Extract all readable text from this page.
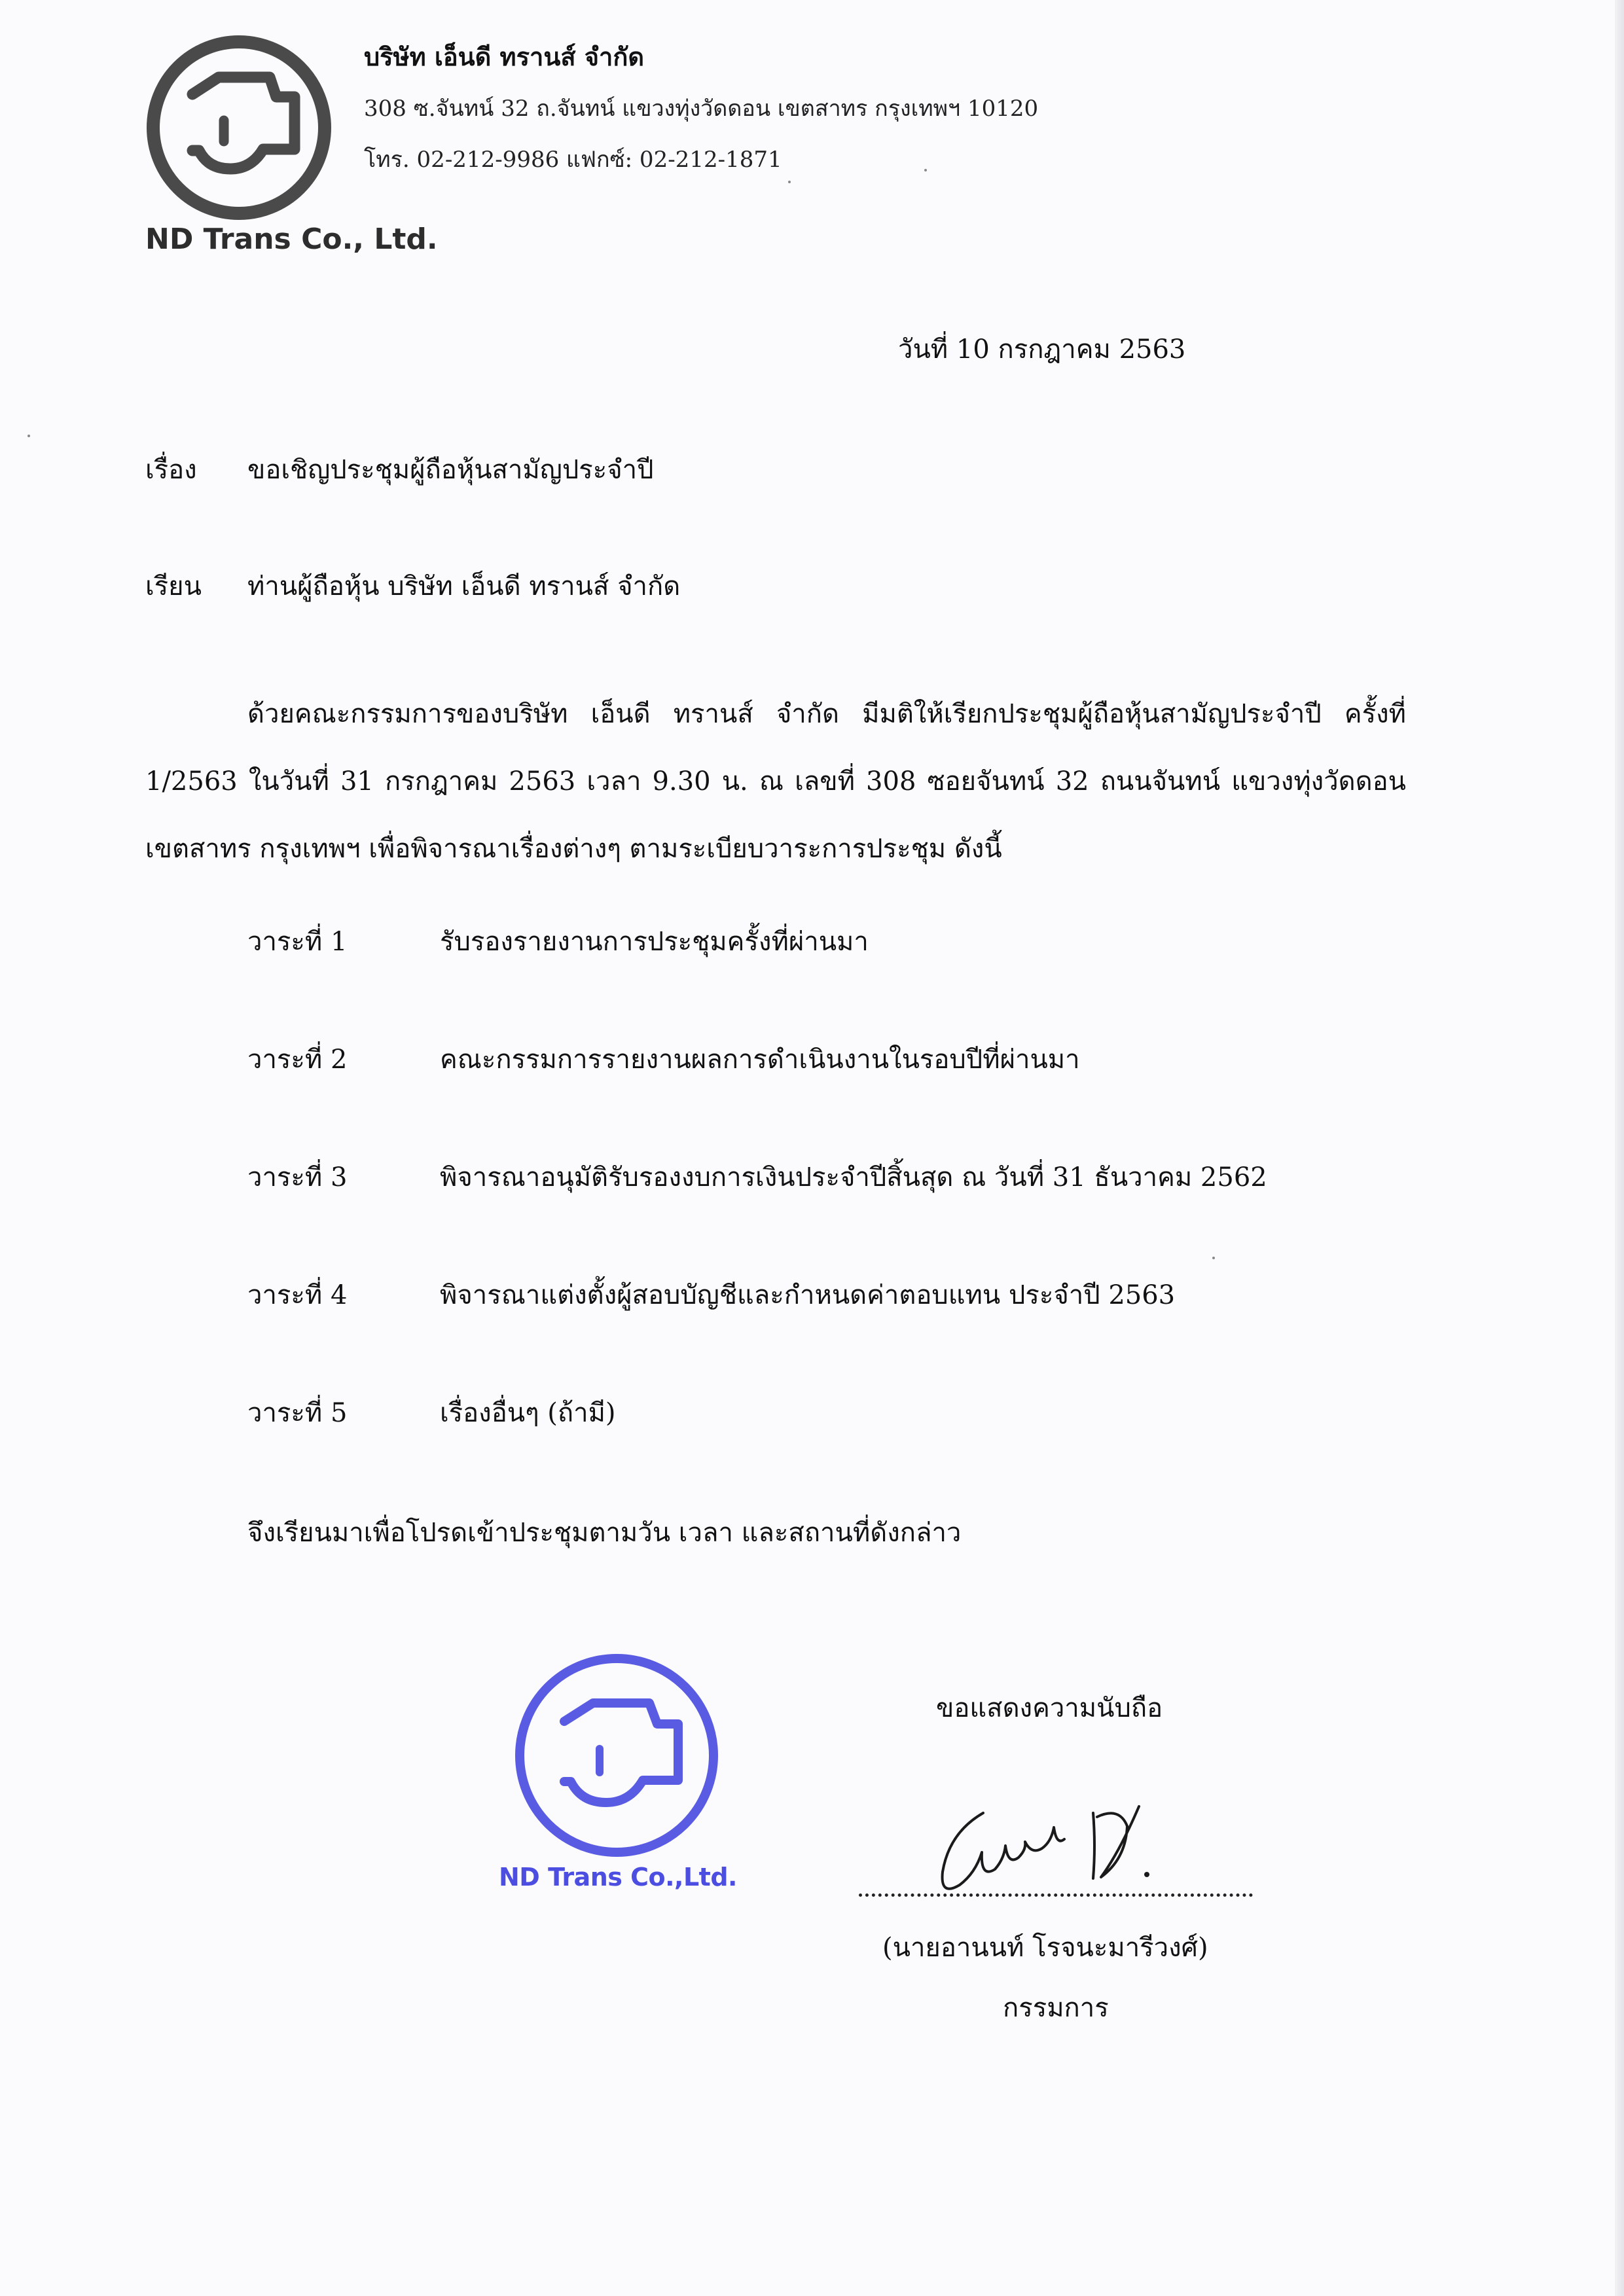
ND Trans Co., Ltd.
บริษัท เอ็นดี ทรานส์ จำกัด
308 ซ.จันทน์ 32 ถ.จันทน์ แขวงทุ่งวัดดอน เขตสาทร กรุงเทพฯ 10120
โทร. 02-212-9986 แฟกซ์: 02-212-1871
วันที่ 10 กรกฎาคม 2563
เรื่อง ขอเชิญประชุมผู้ถือหุ้นสามัญประจำปี
เรียน ท่านผู้ถือหุ้น บริษัท เอ็นดี ทรานส์ จำกัด
ด้วยคณะกรรมการของบริษัท เอ็นดี ทรานส์ จำกัด มีมติให้เรียกประชุมผู้ถือหุ้นสามัญประจำปี ครั้งที่ 1/2563 ในวันที่ 31 กรกฎาคม 2563 เวลา 9.30 น. ณ เลขที่ 308 ซอยจันทน์ 32 ถนนจันทน์ แขวงทุ่งวัดดอน เขตสาทร กรุงเทพฯ เพื่อพิจารณาเรื่องต่างๆ ตามระเบียบวาระการประชุม ดังนี้
วาระที่ 1	รับรองรายงานการประชุมครั้งที่ผ่านมา
วาระที่ 2	คณะกรรมการรายงานผลการดำเนินงานในรอบปีที่ผ่านมา
วาระที่ 3	พิจารณาอนุมัติรับรองงบการเงินประจำปีสิ้นสุด ณ วันที่ 31 ธันวาคม 2562
วาระที่ 4	พิจารณาแต่งตั้งผู้สอบบัญชีและกำหนดค่าตอบแทน ประจำปี 2563
วาระที่ 5	เรื่องอื่นๆ (ถ้ามี)
จึงเรียนมาเพื่อโปรดเข้าประชุมตามวัน เวลา และสถานที่ดังกล่าว
ND Trans Co.,Ltd.
ขอแสดงความนับถือ
(นายอานนท์ โรจนะมารีวงศ์)
กรรมการ
